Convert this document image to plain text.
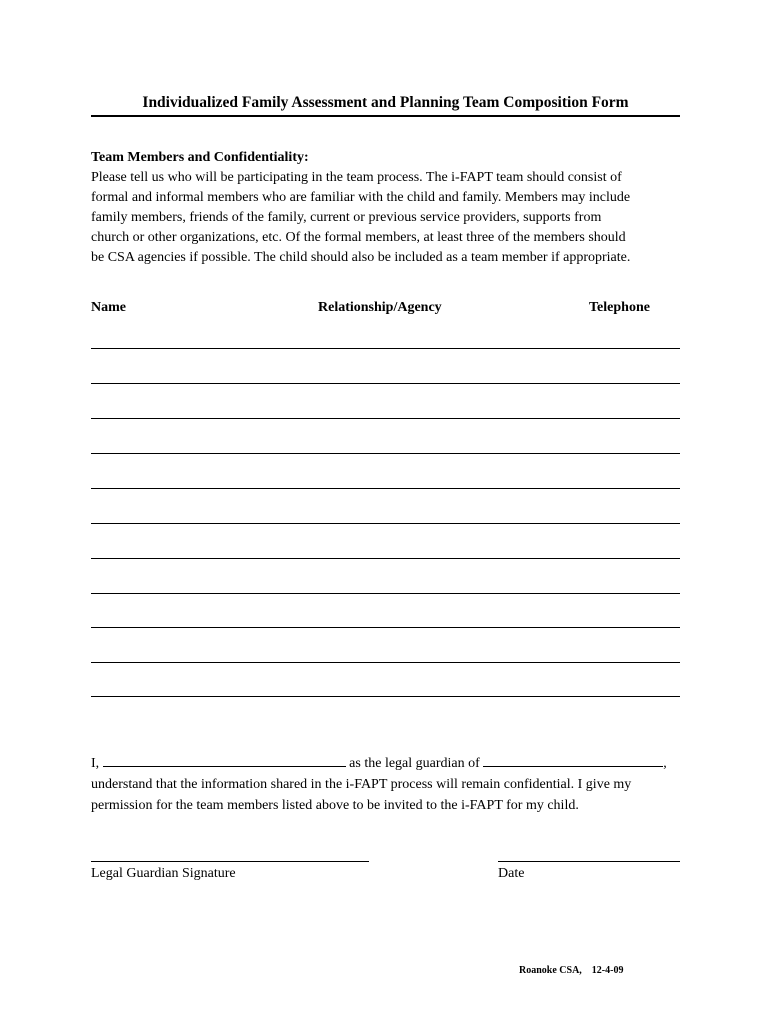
Individualized Family Assessment and Planning Team Composition Form
Team Members and Confidentiality:
Please tell us who will be participating in the team process. The i-FAPT team should consist of
formal and informal members who are familiar with the child and family. Members may include
family members, friends of the family, current or previous service providers, supports from
church or other organizations, etc. Of the formal members, at least three of the members should
be CSA agencies if possible. The child should also be included as a team member if appropriate.
Name	Relationship/Agency	Telephone
I,	as the legal guardian of	,
understand that the information shared in the i-FAPT process will remain confidential. I give my
permission for the team members listed above to be invited to the i-FAPT for my child.
Legal Guardian Signature	Date
Roanoke CSA,    12-4-09
